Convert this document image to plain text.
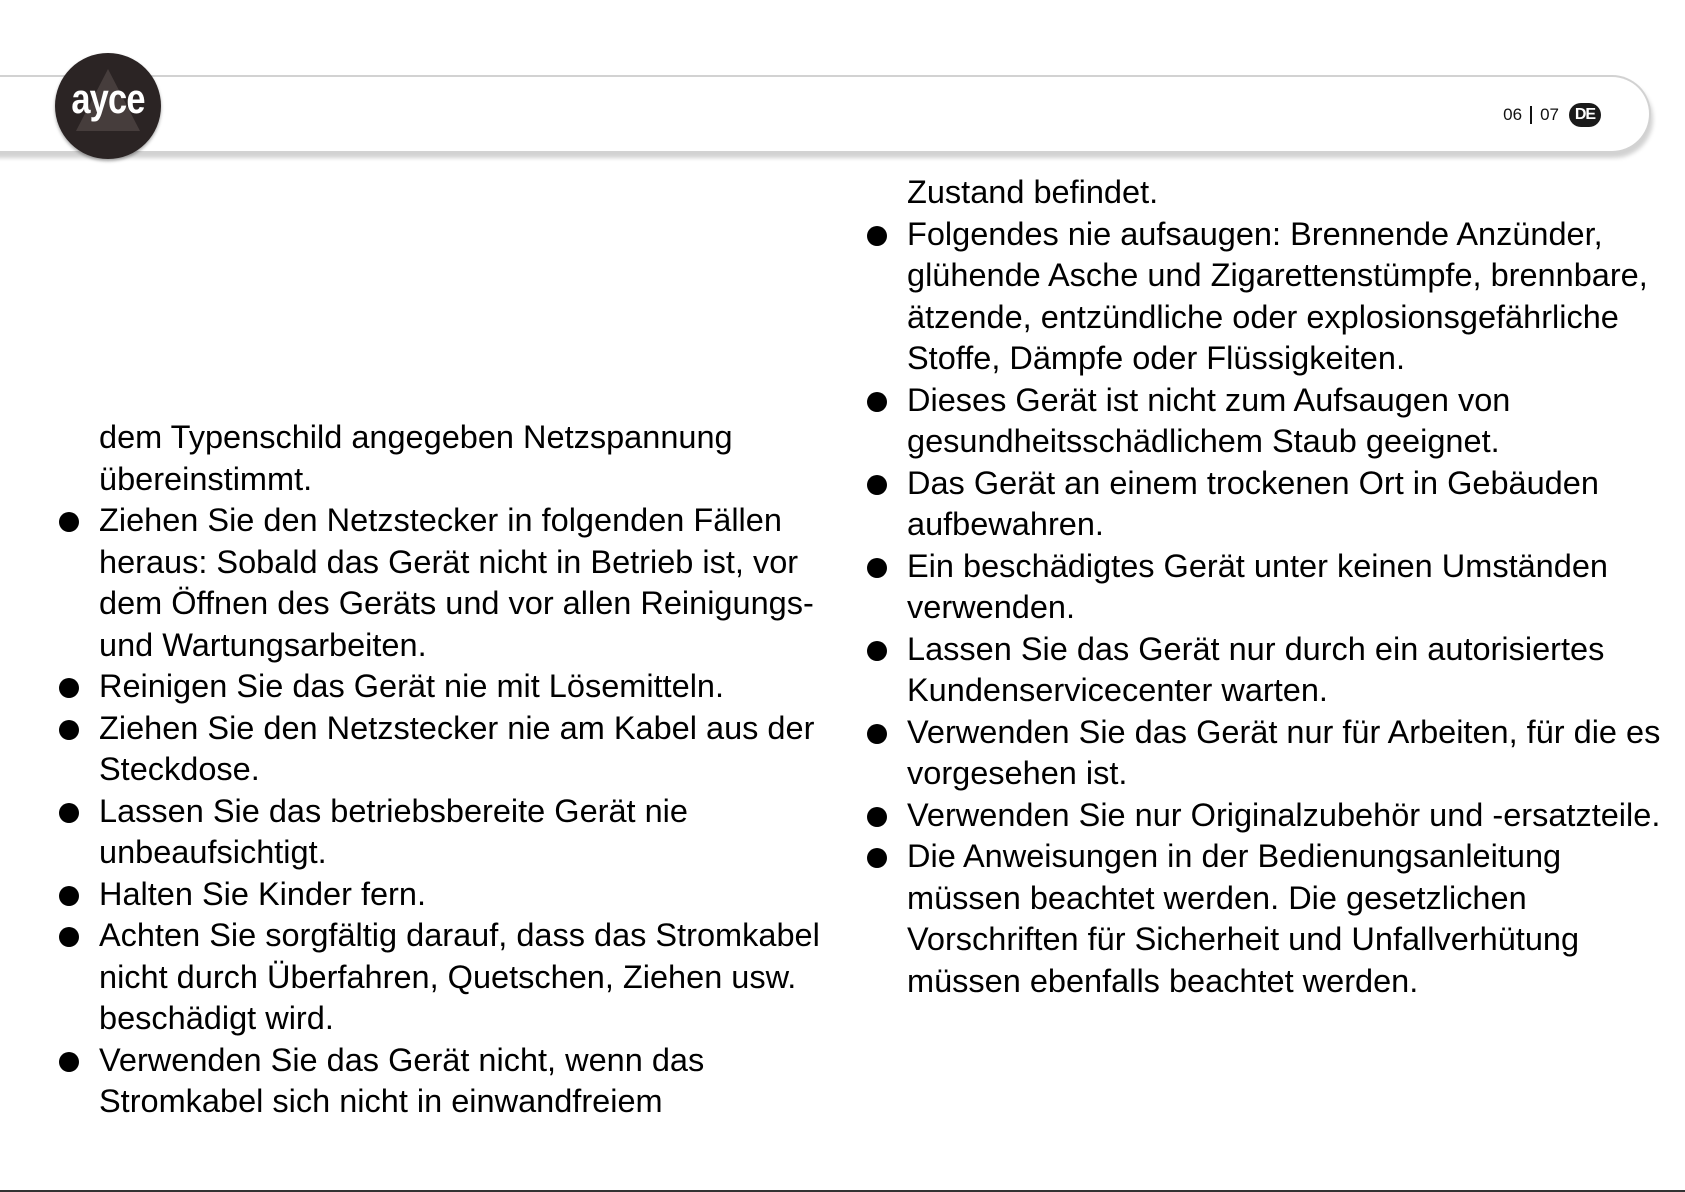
ayce	06 07 DE
dem Typenschild angegeben Netzspannung übereinstimmt.
Ziehen Sie den Netzstecker in folgenden Fällen heraus: Sobald das Gerät nicht in Betrieb ist, vor dem Öffnen des Geräts und vor allen Reinigungs- und Wartungsarbeiten.
Reinigen Sie das Gerät nie mit Lösemitteln.
Ziehen Sie den Netzstecker nie am Kabel aus der Steckdose.
Lassen Sie das betriebsbereite Gerät nie unbeaufsichtigt.
Halten Sie Kinder fern.
Achten Sie sorgfältig darauf, dass das Stromkabel nicht durch Überfahren, Quetschen, Ziehen usw. beschädigt wird.
Verwenden Sie das Gerät nicht, wenn das Stromkabel sich nicht in einwandfreiem
Zustand befindet.
Folgendes nie aufsaugen: Brennende Anzünder, glühende Asche und Zigarettenstümpfe, brennbare, ätzende, entzündliche oder explosionsgefährliche Stoffe, Dämpfe oder Flüssigkeiten.
Dieses Gerät ist nicht zum Aufsaugen von gesundheitsschädlichem Staub geeignet.
Das Gerät an einem trockenen Ort in Gebäuden aufbewahren.
Ein beschädigtes Gerät unter keinen Umständen verwenden.
Lassen Sie das Gerät nur durch ein autorisiertes Kundenservicecenter warten.
Verwenden Sie das Gerät nur für Arbeiten, für die es vorgesehen ist.
Verwenden Sie nur Originalzubehör und -ersatzteile.
Die Anweisungen in der Bedienungsanleitung müssen beachtet werden. Die gesetzlichen Vorschriften für Sicherheit und Unfallverhütung müssen ebenfalls beachtet werden.
